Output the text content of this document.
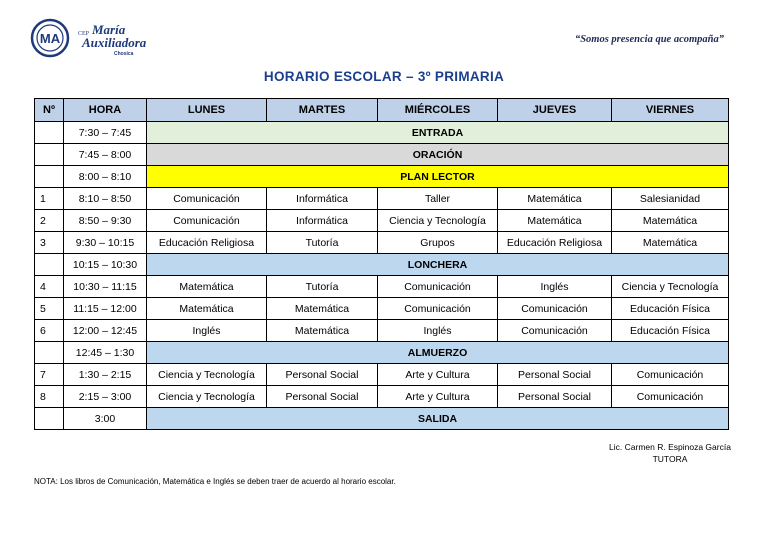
MA	CEP María
Auxiliadora
Chosica
“Somos presencia que acompaña”
HORARIO ESCOLAR – 3º PRIMARIA
Nº	HORA	LUNES	MARTES	MIÉRCOLES	JUEVES	VIERNES
	7:30 – 7:45	ENTRADA				
	7:45 – 8:00	ORACIÓN				
	8:00 – 8:10	PLAN LECTOR				
1	8:10 – 8:50	Comunicación	Informática	Taller	Matemática	Salesianidad
2	8:50 – 9:30	Comunicación	Informática	Ciencia y Tecnología	Matemática	Matemática
3	9:30 – 10:15	Educación Religiosa	Tutoría	Grupos	Educación Religiosa	Matemática
	10:15 – 10:30	LONCHERA				
4	10:30 – 11:15	Matemática	Tutoría	Comunicación	Inglés	Ciencia y Tecnología
5	11:15 – 12:00	Matemática	Matemática	Comunicación	Comunicación	Educación Física
6	12:00 – 12:45	Inglés	Matemática	Inglés	Comunicación	Educación Física
	12:45 – 1:30	ALMUERZO				
7	1:30 – 2:15	Ciencia y Tecnología	Personal Social	Arte y Cultura	Personal Social	Comunicación
8	2:15 – 3:00	Ciencia y Tecnología	Personal Social	Arte y Cultura	Personal Social	Comunicación
	3:00	SALIDA				
Lic. Carmen R. Espinoza García
TUTORA
NOTA: Los libros de Comunicación, Matemática e Inglés se deben traer de acuerdo al horario escolar.
